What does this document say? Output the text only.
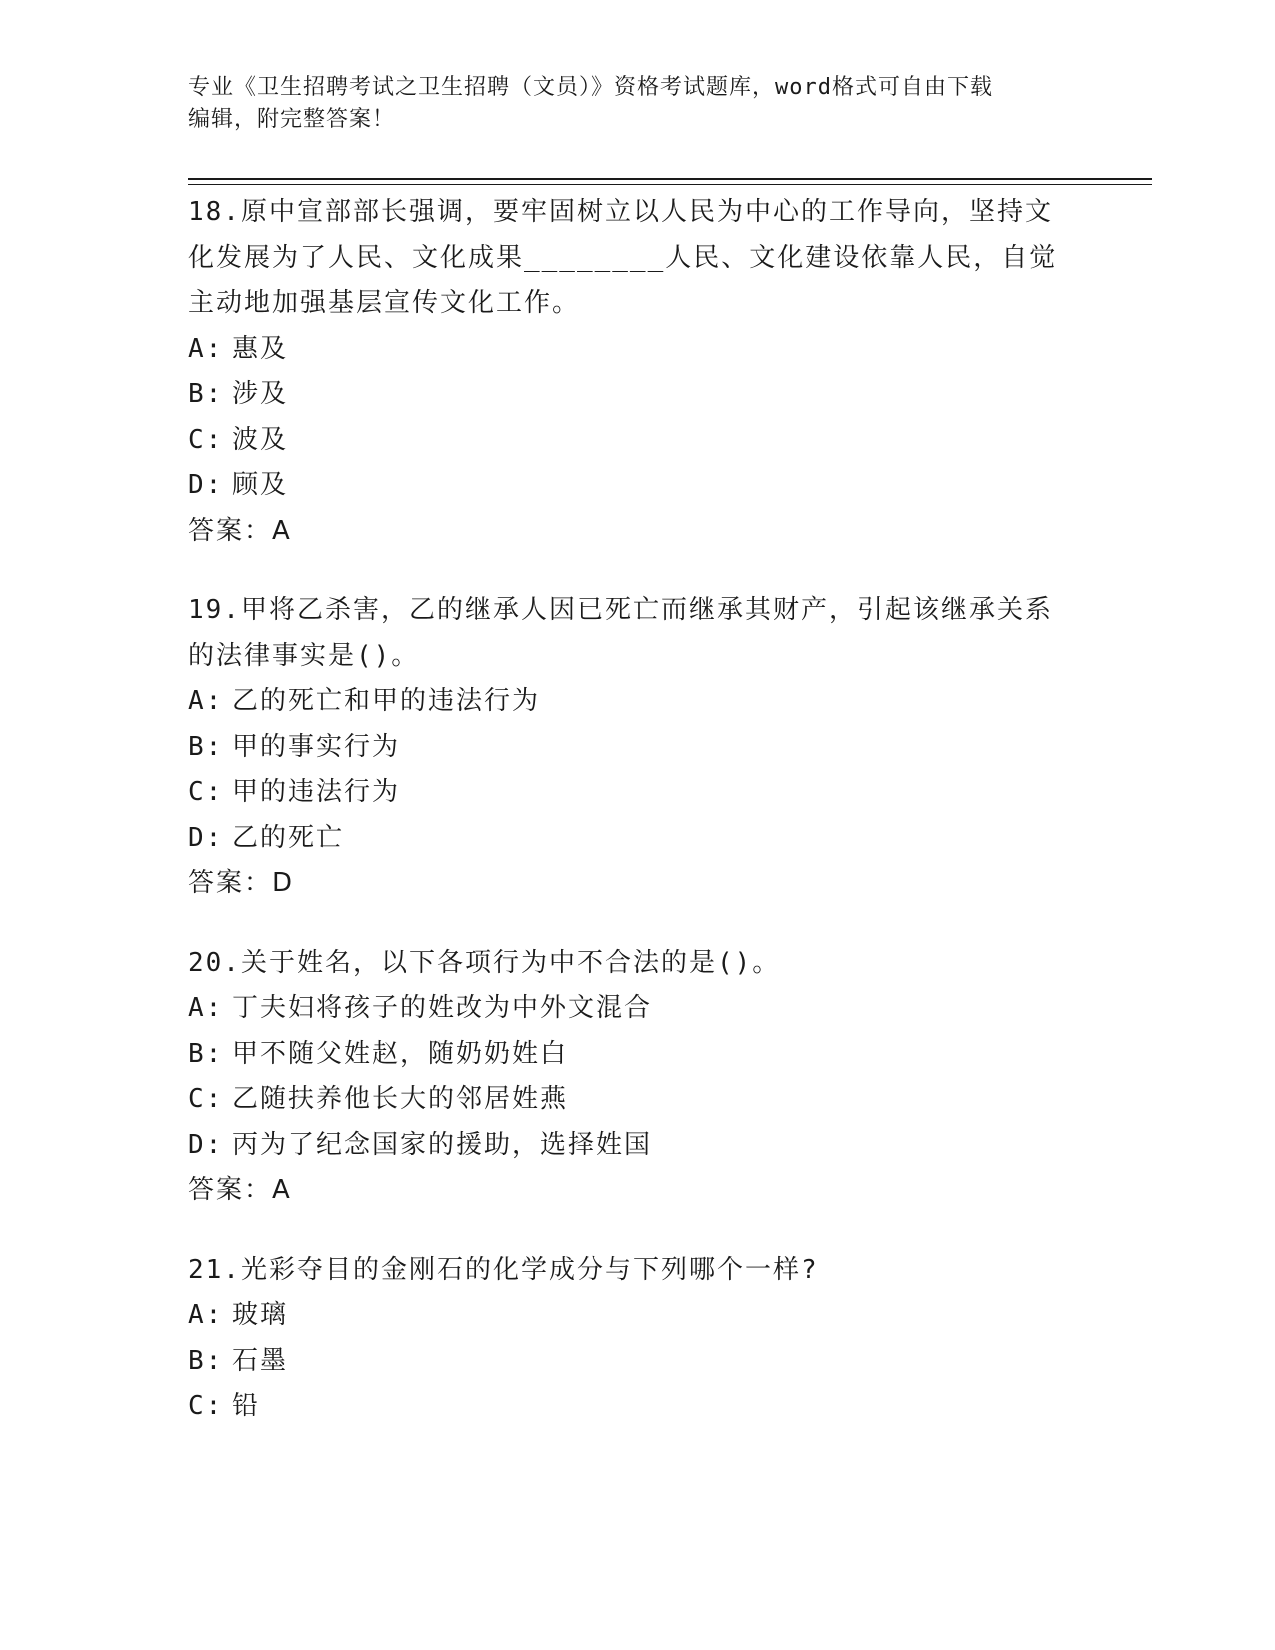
专业《卫生招聘考试之卫生招聘（文员）》资格考试题库，word格式可自由下载
编辑，附完整答案！

18.原中宣部部长强调，要牢固树立以人民为中心的工作导向，坚持文

化发展为了人民、文化成果________人民、文化建设依靠人民，自觉

主动地加强基层宣传文化工作。

A: 惠及

B: 涉及

C: 波及

D: 顾及

答案：A

19.甲将乙杀害，乙的继承人因已死亡而继承其财产，引起该继承关系

的法律事实是()。

A: 乙的死亡和甲的违法行为

B: 甲的事实行为

C: 甲的违法行为

D: 乙的死亡

答案：D

20.关于姓名，以下各项行为中不合法的是()。

A: 丁夫妇将孩子的姓改为中外文混合

B: 甲不随父姓赵，随奶奶姓白

C: 乙随扶养他长大的邻居姓燕

D: 丙为了纪念国家的援助，选择姓国

答案：A

21.光彩夺目的金刚石的化学成分与下列哪个一样?

A: 玻璃

B: 石墨

C: 铅
